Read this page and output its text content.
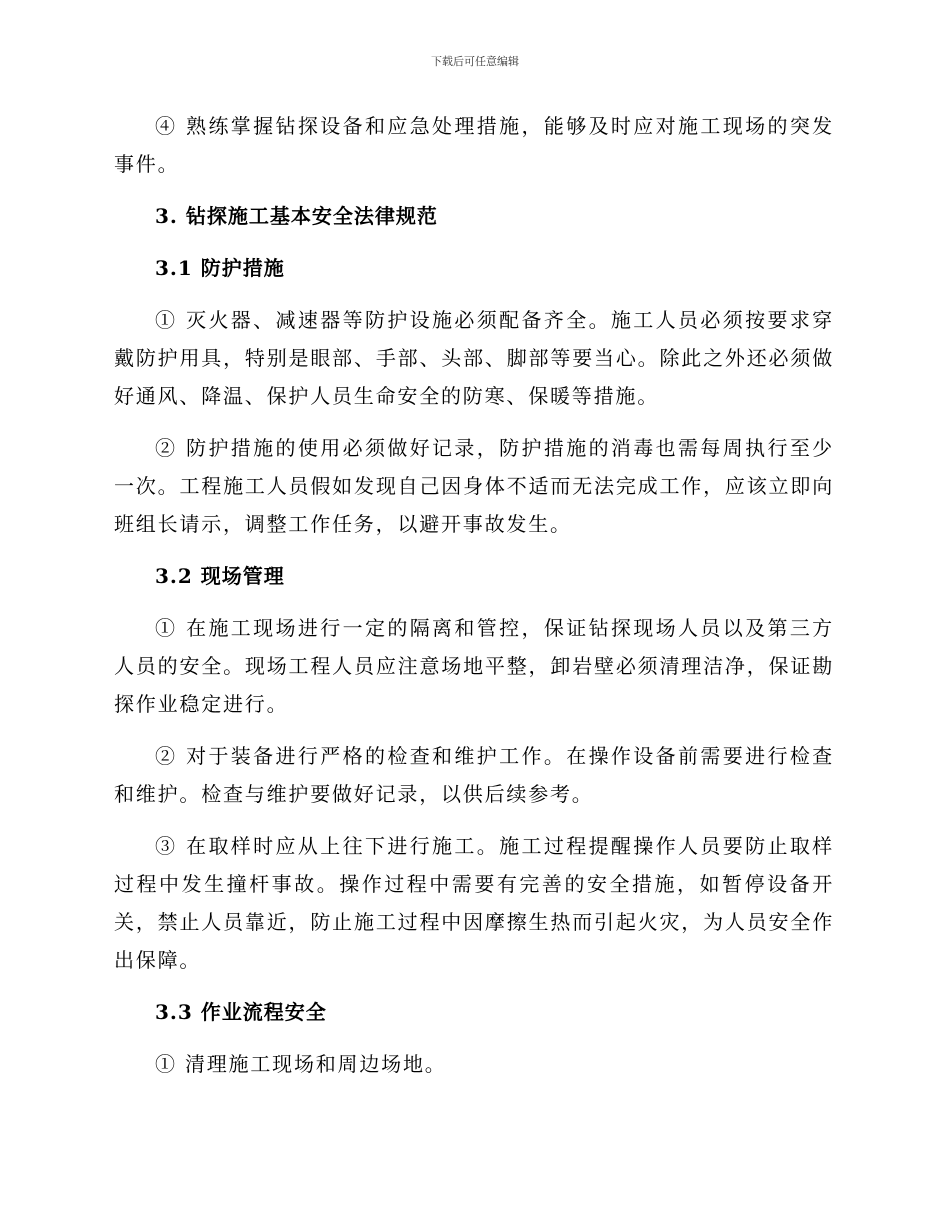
下载后可任意编辑

④ 熟练掌握钻探设备和应急处理措施，能够及时应对施工现场的突发事件。

3. 钻探施工基本安全法律规范
3.1 防护措施

① 灭火器、减速器等防护设施必须配备齐全。施工人员必须按要求穿戴防护用具，特别是眼部、手部、头部、脚部等要当心。除此之外还必须做好通风、降温、保护人员生命安全的防寒、保暖等措施。

② 防护措施的使用必须做好记录，防护措施的消毒也需每周执行至少一次。工程施工人员假如发现自己因身体不适而无法完成工作，应该立即向班组长请示，调整工作任务，以避开事故发生。

3.2 现场管理

① 在施工现场进行一定的隔离和管控，保证钻探现场人员以及第三方人员的安全。现场工程人员应注意场地平整，卸岩壁必须清理洁净，保证勘探作业稳定进行。

② 对于装备进行严格的检查和维护工作。在操作设备前需要进行检查和维护。检查与维护要做好记录，以供后续参考。

③ 在取样时应从上往下进行施工。施工过程提醒操作人员要防止取样过程中发生撞杆事故。操作过程中需要有完善的安全措施，如暂停设备开关，禁止人员靠近，防止施工过程中因摩擦生热而引起火灾，为人员安全作出保障。

3.3 作业流程安全

① 清理施工现场和周边场地。
